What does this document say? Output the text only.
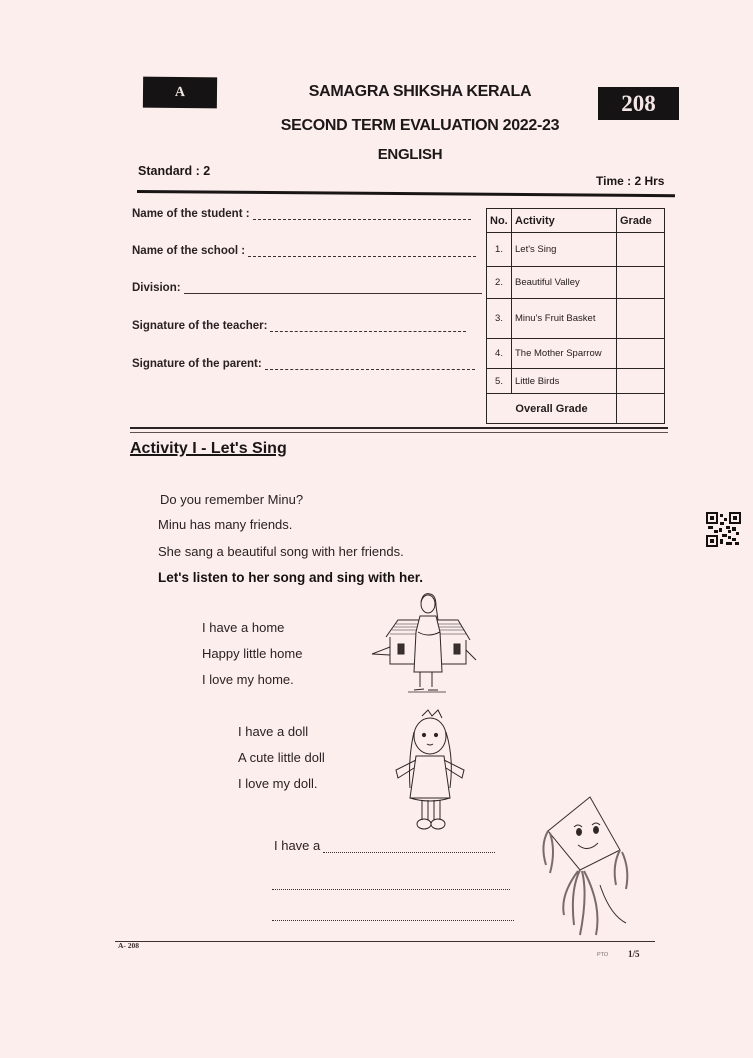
A	208
SAMAGRA SHIKSHA KERALA
SECOND TERM EVALUATION 2022-23
ENGLISH
Standard : 2
Time : 2 Hrs
Name of the student :
Name of the school :
Division:
Signature of the teacher:
Signature of the parent:
No.	Activity	Grade
1.	Let's Sing	
2.	Beautiful Valley	
3.	Minu's Fruit Basket	
4.	The Mother Sparrow	
5.	Little Birds	
Overall Grade		
Activity I - Let's Sing
Do you remember Minu?
Minu has many friends.
She sang a beautiful song with her friends.
Let's listen to her song and sing with her.
I have a home
Happy little home
I love my home.
I have a doll
A cute little doll
I love my doll.
I have a
A- 208
PTO 1/5
